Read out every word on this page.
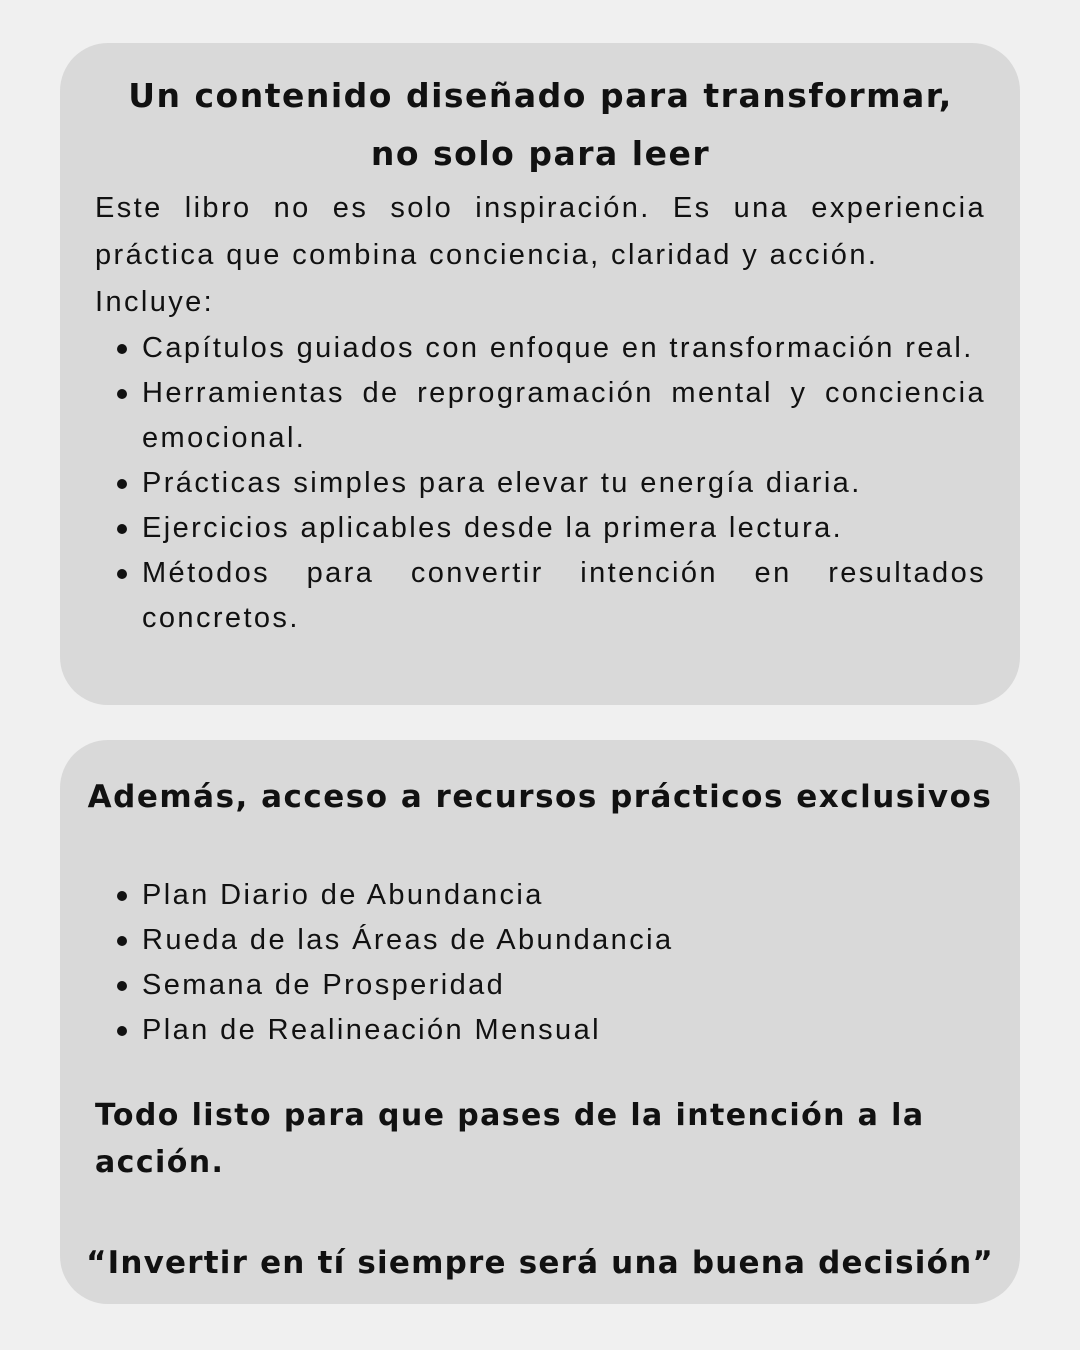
Un contenido diseñado para transformar,
no solo para leer

Este libro no es solo inspiración. Es una experiencia práctica que combina conciencia, claridad y acción.
Incluye:

Capítulos guiados con enfoque en transformación real.
Herramientas de reprogramación mental y conciencia emocional.
Prácticas simples para elevar tu energía diaria.
Ejercicios aplicables desde la primera lectura.
Métodos para convertir intención en resultados concretos.
Además, acceso a recursos prácticos exclusivos
Plan Diario de Abundancia
Rueda de las Áreas de Abundancia
Semana de Prosperidad
Plan de Realineación Mensual

Todo listo para que pases de la intención a la acción.

“Invertir en tí siempre será una buena decisión”
